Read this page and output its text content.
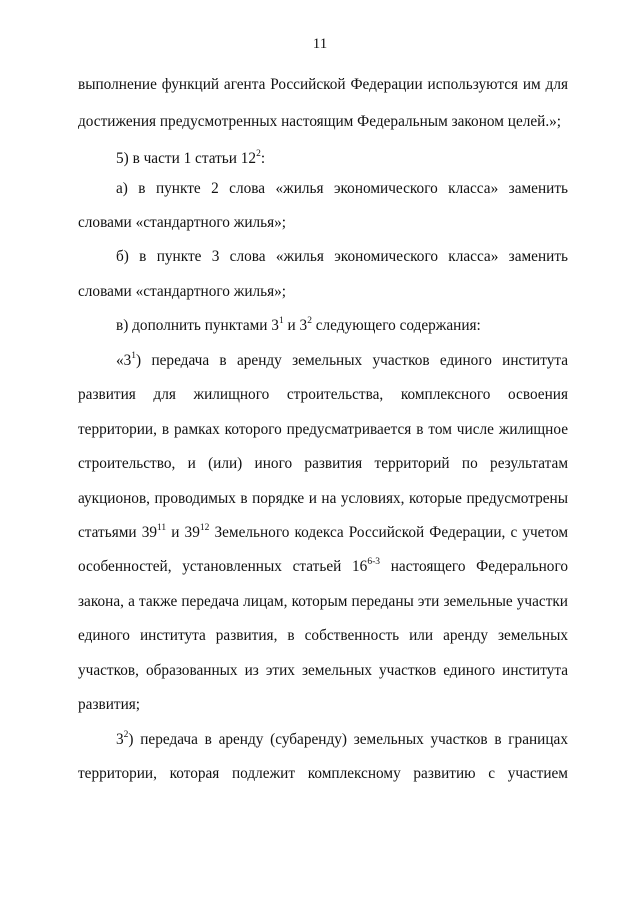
11
выполнение функций агента Российской Федерации используются им для
достижения предусмотренных настоящим Федеральным законом целей.»;
5) в части 1 статьи $12^2$:
а) в пункте 2 слова «жилья экономического класса» заменить
словами «стандартного жилья»;
б) в пункте 3 слова «жилья экономического класса» заменить
словами «стандартного жилья»;
в) дополнить пунктами $3^1$ и $3^2$ следующего содержания:
«$3^1$) передача в аренду земельных участков единого института
развития для жилищного строительства, комплексного освоения
территории, в рамках которого предусматривается в том числе жилищное
строительство, и (или) иного развития территорий по результатам
аукционов, проводимых в порядке и на условиях, которые предусмотрены
статьями $39^{11}$ и $39^{12}$ Земельного кодекса Российской Федерации, с учетом
особенностей, установленных статьей 16$^{6-3}$ настоящего Федерального
закона, а также передача лицам, которым переданы эти земельные участки
единого института развития, в собственность или аренду земельных
участков, образованных из этих земельных участков единого института
развития;
$3^2$) передача в аренду (субаренду) земельных участков в границах
территории, которая подлежит комплексному развитию с участием
